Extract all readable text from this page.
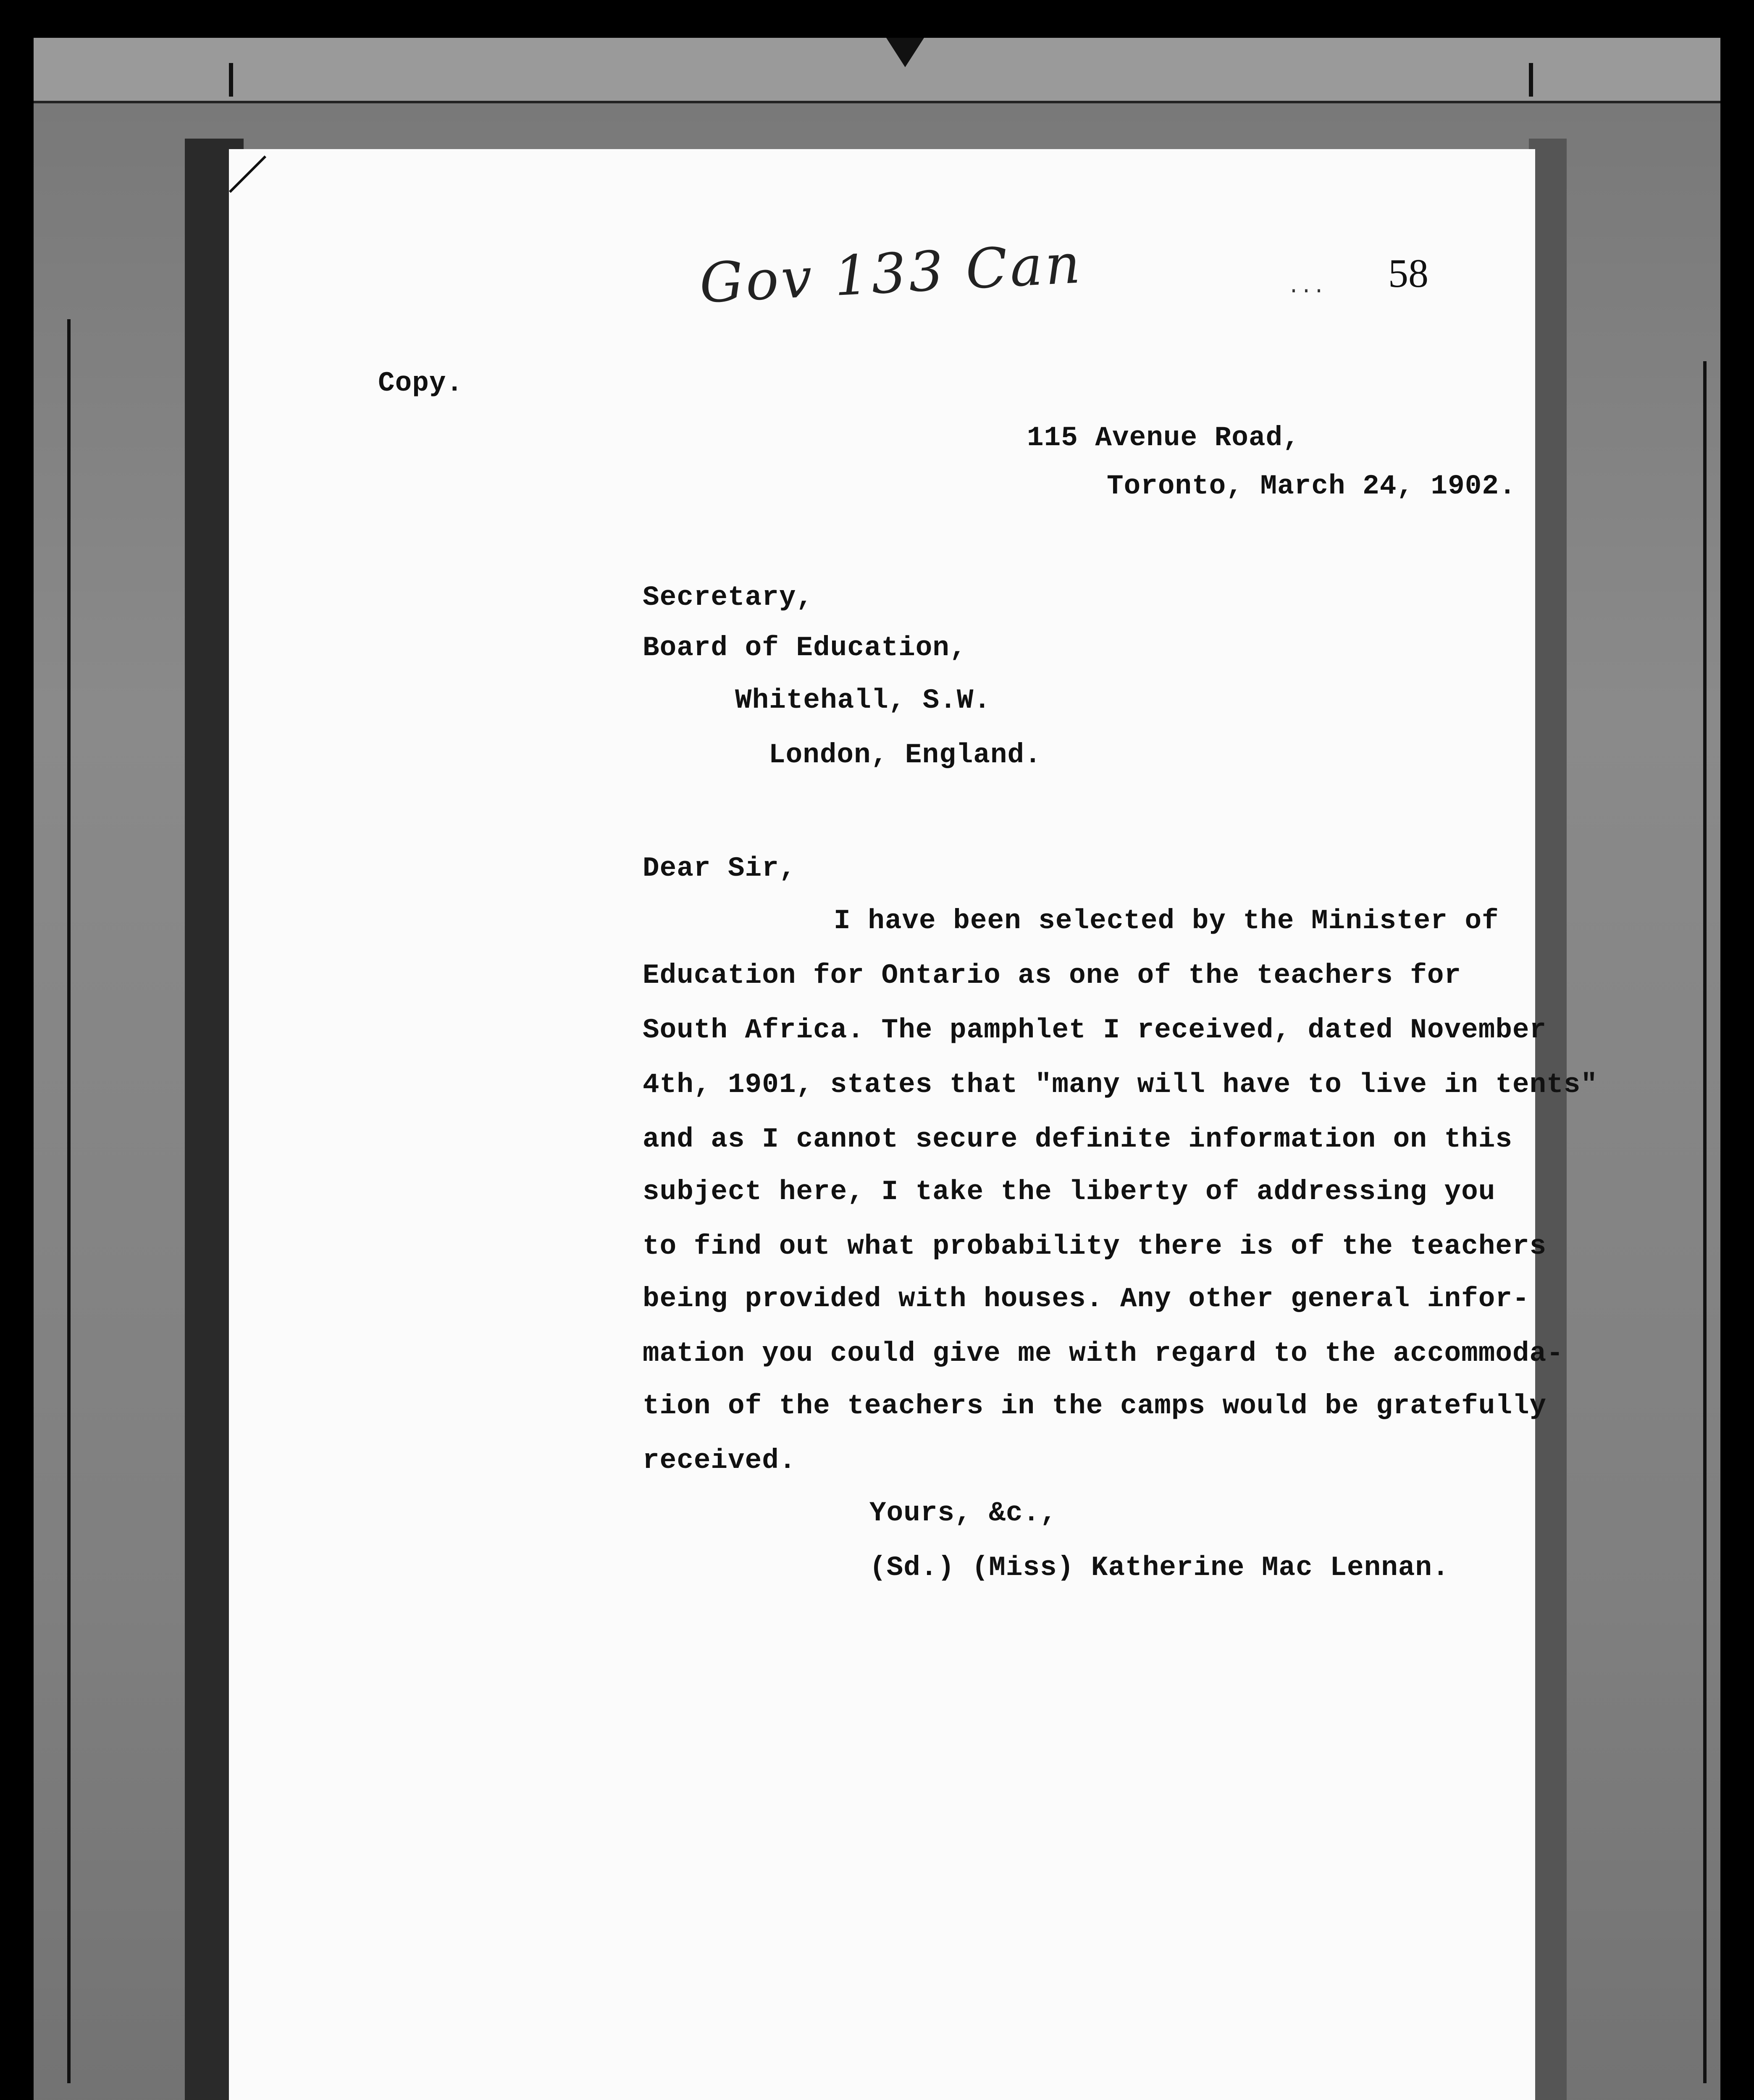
Gov 133 Can	... 58
Copy.
115 Avenue Road,
Toronto, March 24, 1902.
Secretary,
Board of Education,
Whitehall, S.W.
London, England.
Dear Sir,
I have been selected by the Minister of
Education for Ontario as one of the teachers for
South Africa. The pamphlet I received, dated November
4th, 1901, states that "many will have to live in tents"
and as I cannot secure definite information on this
subject here, I take the liberty of addressing you
to find out what probability there is of the teachers
being provided with houses. Any other general infor-
mation you could give me with regard to the accommoda-
tion of the teachers in the camps would be gratefully
received.
Yours, &c.,
(Sd.) (Miss) Katherine Mac Lennan.
